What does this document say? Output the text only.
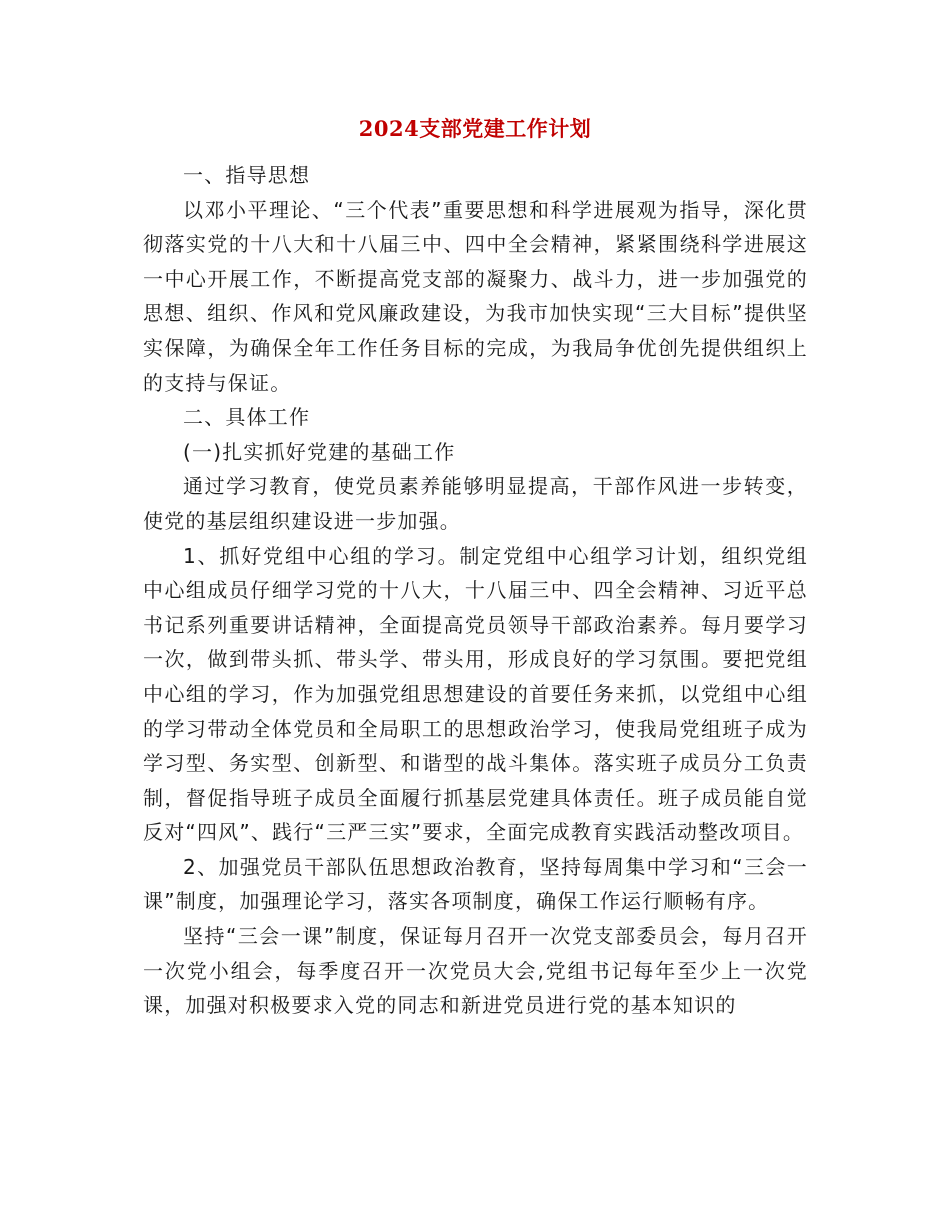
2024支部党建工作计划

一、指导思想

以邓小平理论、“三个代表”重要思想和科学进展观为指导，深化贯彻落实党的十八大和十八届三中、四中全会精神，紧紧围绕科学进展这一中心开展工作，不断提高党支部的凝聚力、战斗力，进一步加强党的思想、组织、作风和党风廉政建设，为我市加快实现“三大目标”提供坚实保障，为确保全年工作任务目标的完成，为我局争优创先提供组织上的支持与保证。

二、具体工作

(一)扎实抓好党建的基础工作

通过学习教育，使党员素养能够明显提高，干部作风进一步转变，使党的基层组织建设进一步加强。

1、抓好党组中心组的学习。制定党组中心组学习计划，组织党组中心组成员仔细学习党的十八大，十八届三中、四全会精神、习近平总书记系列重要讲话精神，全面提高党员领导干部政治素养。每月要学习一次，做到带头抓、带头学、带头用，形成良好的学习氛围。要把党组中心组的学习，作为加强党组思想建设的首要任务来抓，以党组中心组的学习带动全体党员和全局职工的思想政治学习，使我局党组班子成为学习型、务实型、创新型、和谐型的战斗集体。落实班子成员分工负责制，督促指导班子成员全面履行抓基层党建具体责任。班子成员能自觉反对“四风”、践行“三严三实”要求，全面完成教育实践活动整改项目。

2、加强党员干部队伍思想政治教育，坚持每周集中学习和“三会一课”制度，加强理论学习，落实各项制度，确保工作运行顺畅有序。

坚持“三会一课”制度，保证每月召开一次党支部委员会，每月召开一次党小组会，每季度召开一次党员大会,党组书记每年至少上一次党课，加强对积极要求入党的同志和新进党员进行党的基本知识的
